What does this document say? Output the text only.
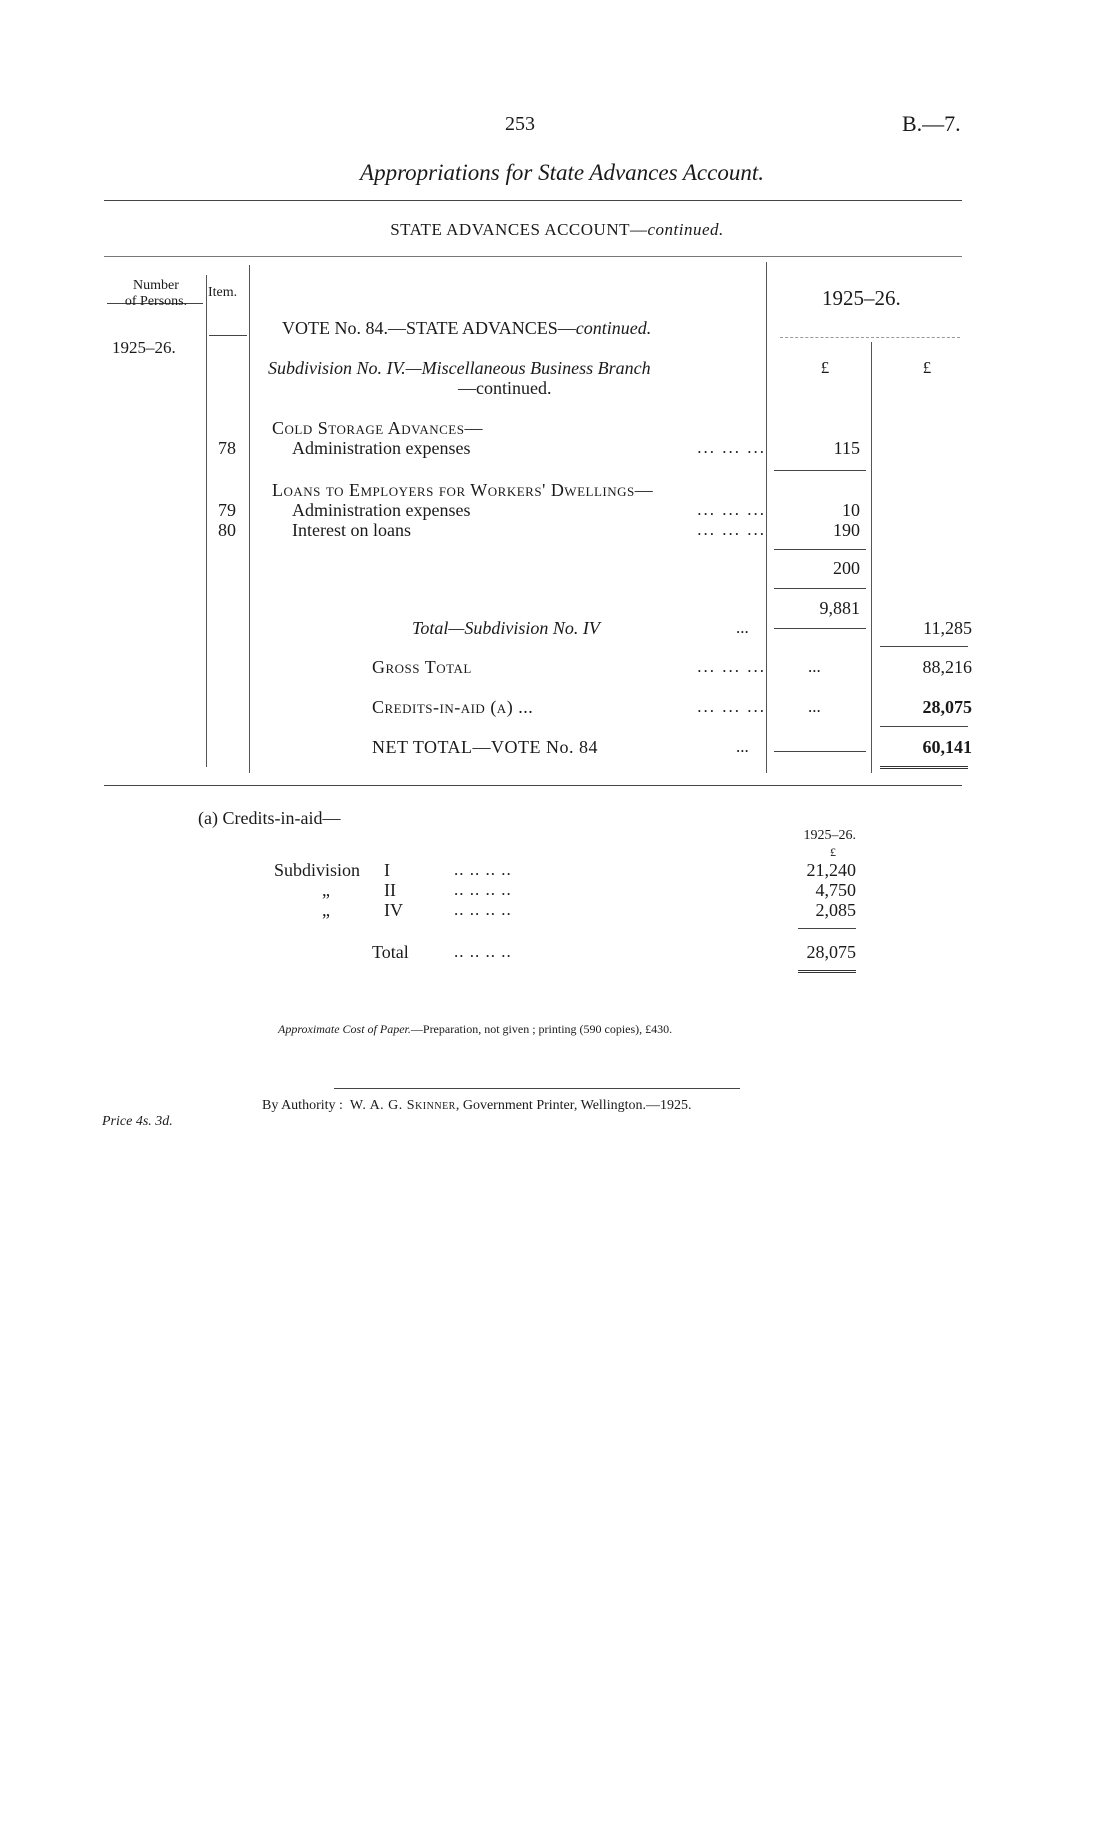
253	B.—7.
Appropriations for State Advances Account.
STATE ADVANCES ACCOUNT—continued.
Number
of Persons.
Item.	1925–26.
1925–26.
VOTE No. 84.—STATE ADVANCES—continued.
£	£
Subdivision No. IV.—Miscellaneous Business Branch
—continued.
Cold Storage Advances—
78	Administration expenses	... ... ...	115
Loans to Employers for Workers' Dwellings—
79	Administration expenses	... ... ...	10
80	Interest on loans	... ... ...	190
200
9,881
Total—Subdivision No. IV	...	11,285
Gross Total	... ... ... ...	88,216
Credits-in-aid (a) ...	... ... ... ...	28,075
NET TOTAL—VOTE No. 84	...	60,141
(a) Credits-in-aid—
1925–26.
£
Subdivision I	.. .. .. ..	21,240
„	II	.. .. .. ..	4,750
„	IV	.. .. .. ..	2,085
Total	.. .. .. ..	28,075
Approximate Cost of Paper.—Preparation, not given ; printing (590 copies), £430.
By Authority : W. A. G. Skinner, Government Printer, Wellington.—1925.
Price 4s. 3d.
